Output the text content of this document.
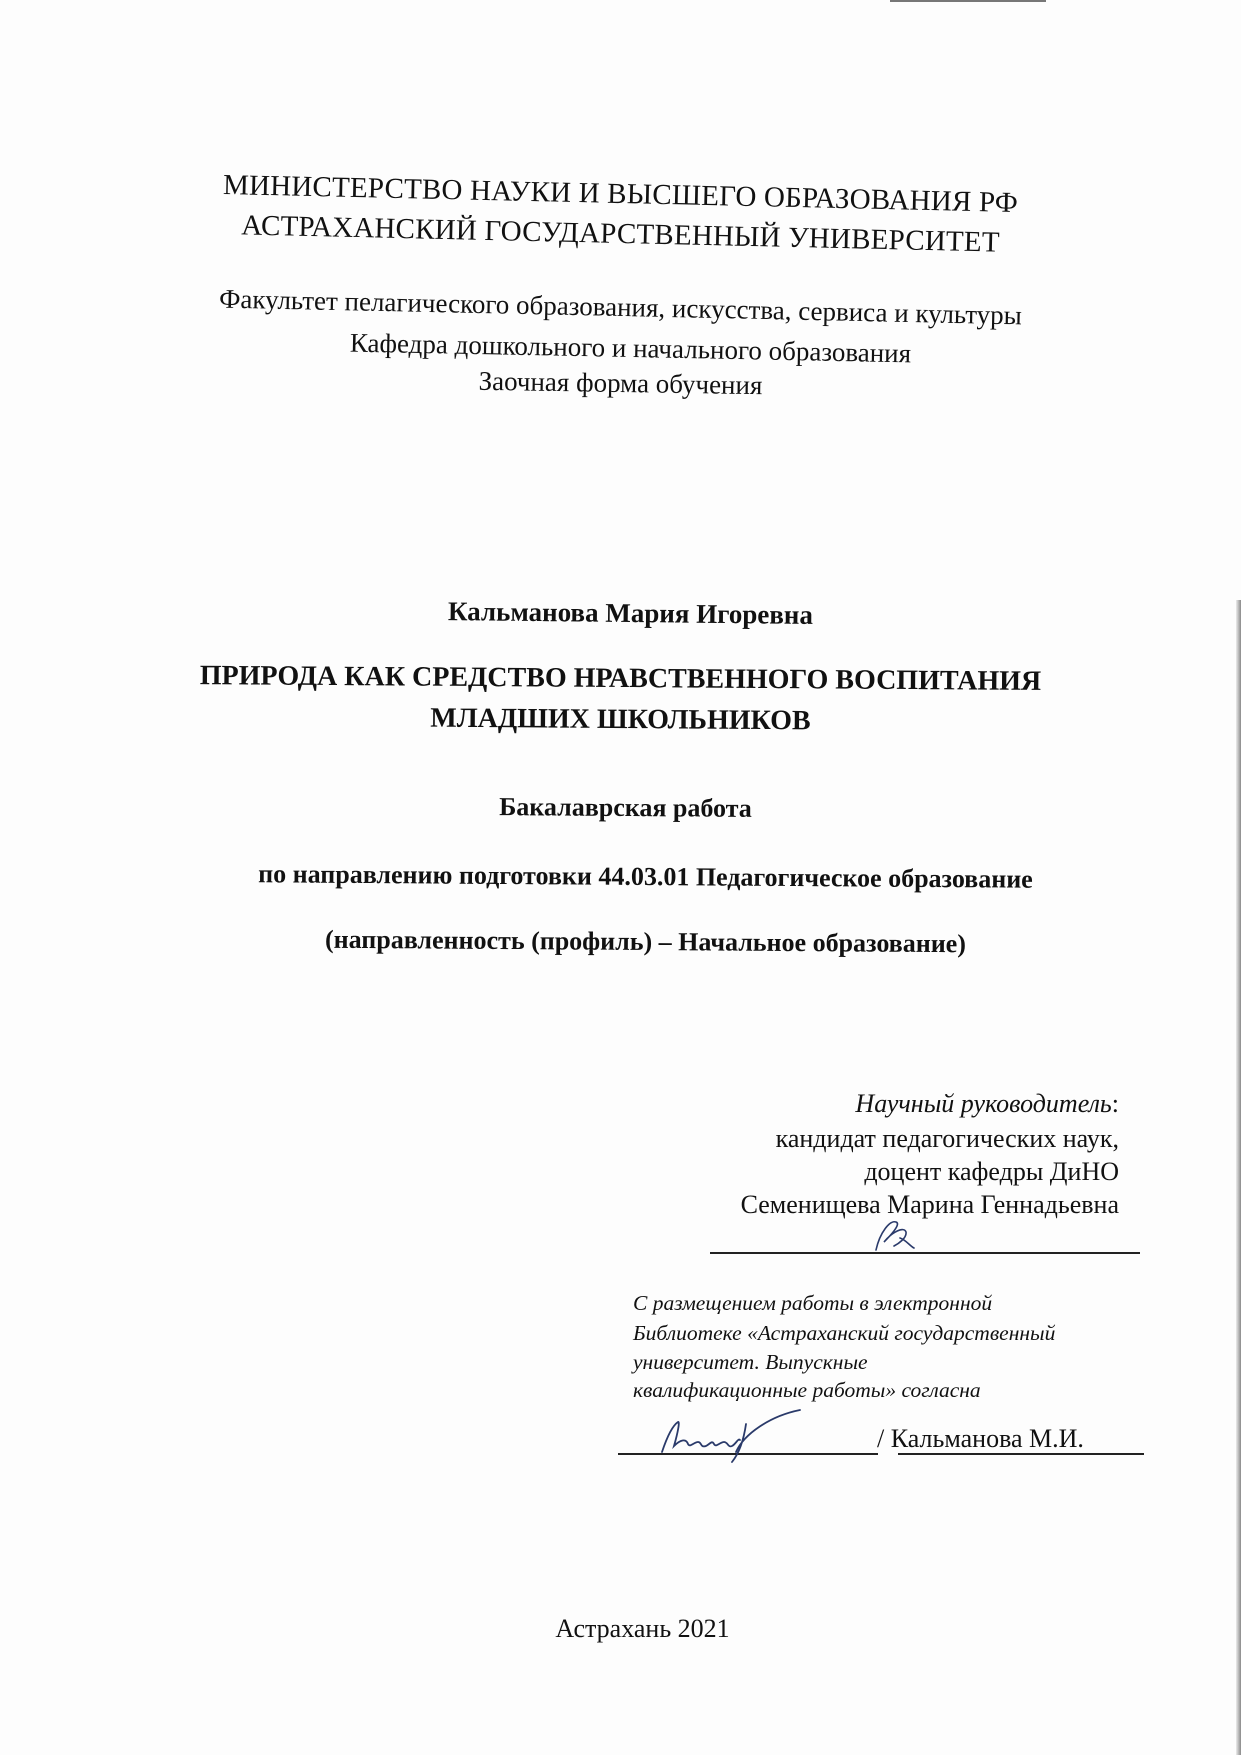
МИНИСТЕРСТВО НАУКИ И ВЫСШЕГО ОБРАЗОВАНИЯ РФ
АСТРАХАНСКИЙ ГОСУДАРСТВЕННЫЙ УНИВЕРСИТЕТ
Факультет пелагического образования, искусства, сервиса и культуры
Кафедра дошкольного и начального образования
Заочная форма обучения
Кальманова Мария Игоревна
ПРИРОДА КАК СРЕДСТВО НРАВСТВЕННОГО ВОСПИТАНИЯ
МЛАДШИХ ШКОЛЬНИКОВ
Бакалаврская работа
по направлению подготовки 44.03.01 Педагогическое образование
(направленность (профиль) – Начальное образование)
Научный руководитель:
кандидат педагогических наук,
доцент кафедры ДиНО
Семенищева Марина Геннадьевна
С размещением работы в электронной
Библиотеке «Астраханский государственный
университет. Выпускные
квалификационные работы» согласна
/ Кальманова М.И.
Астрахань 2021
